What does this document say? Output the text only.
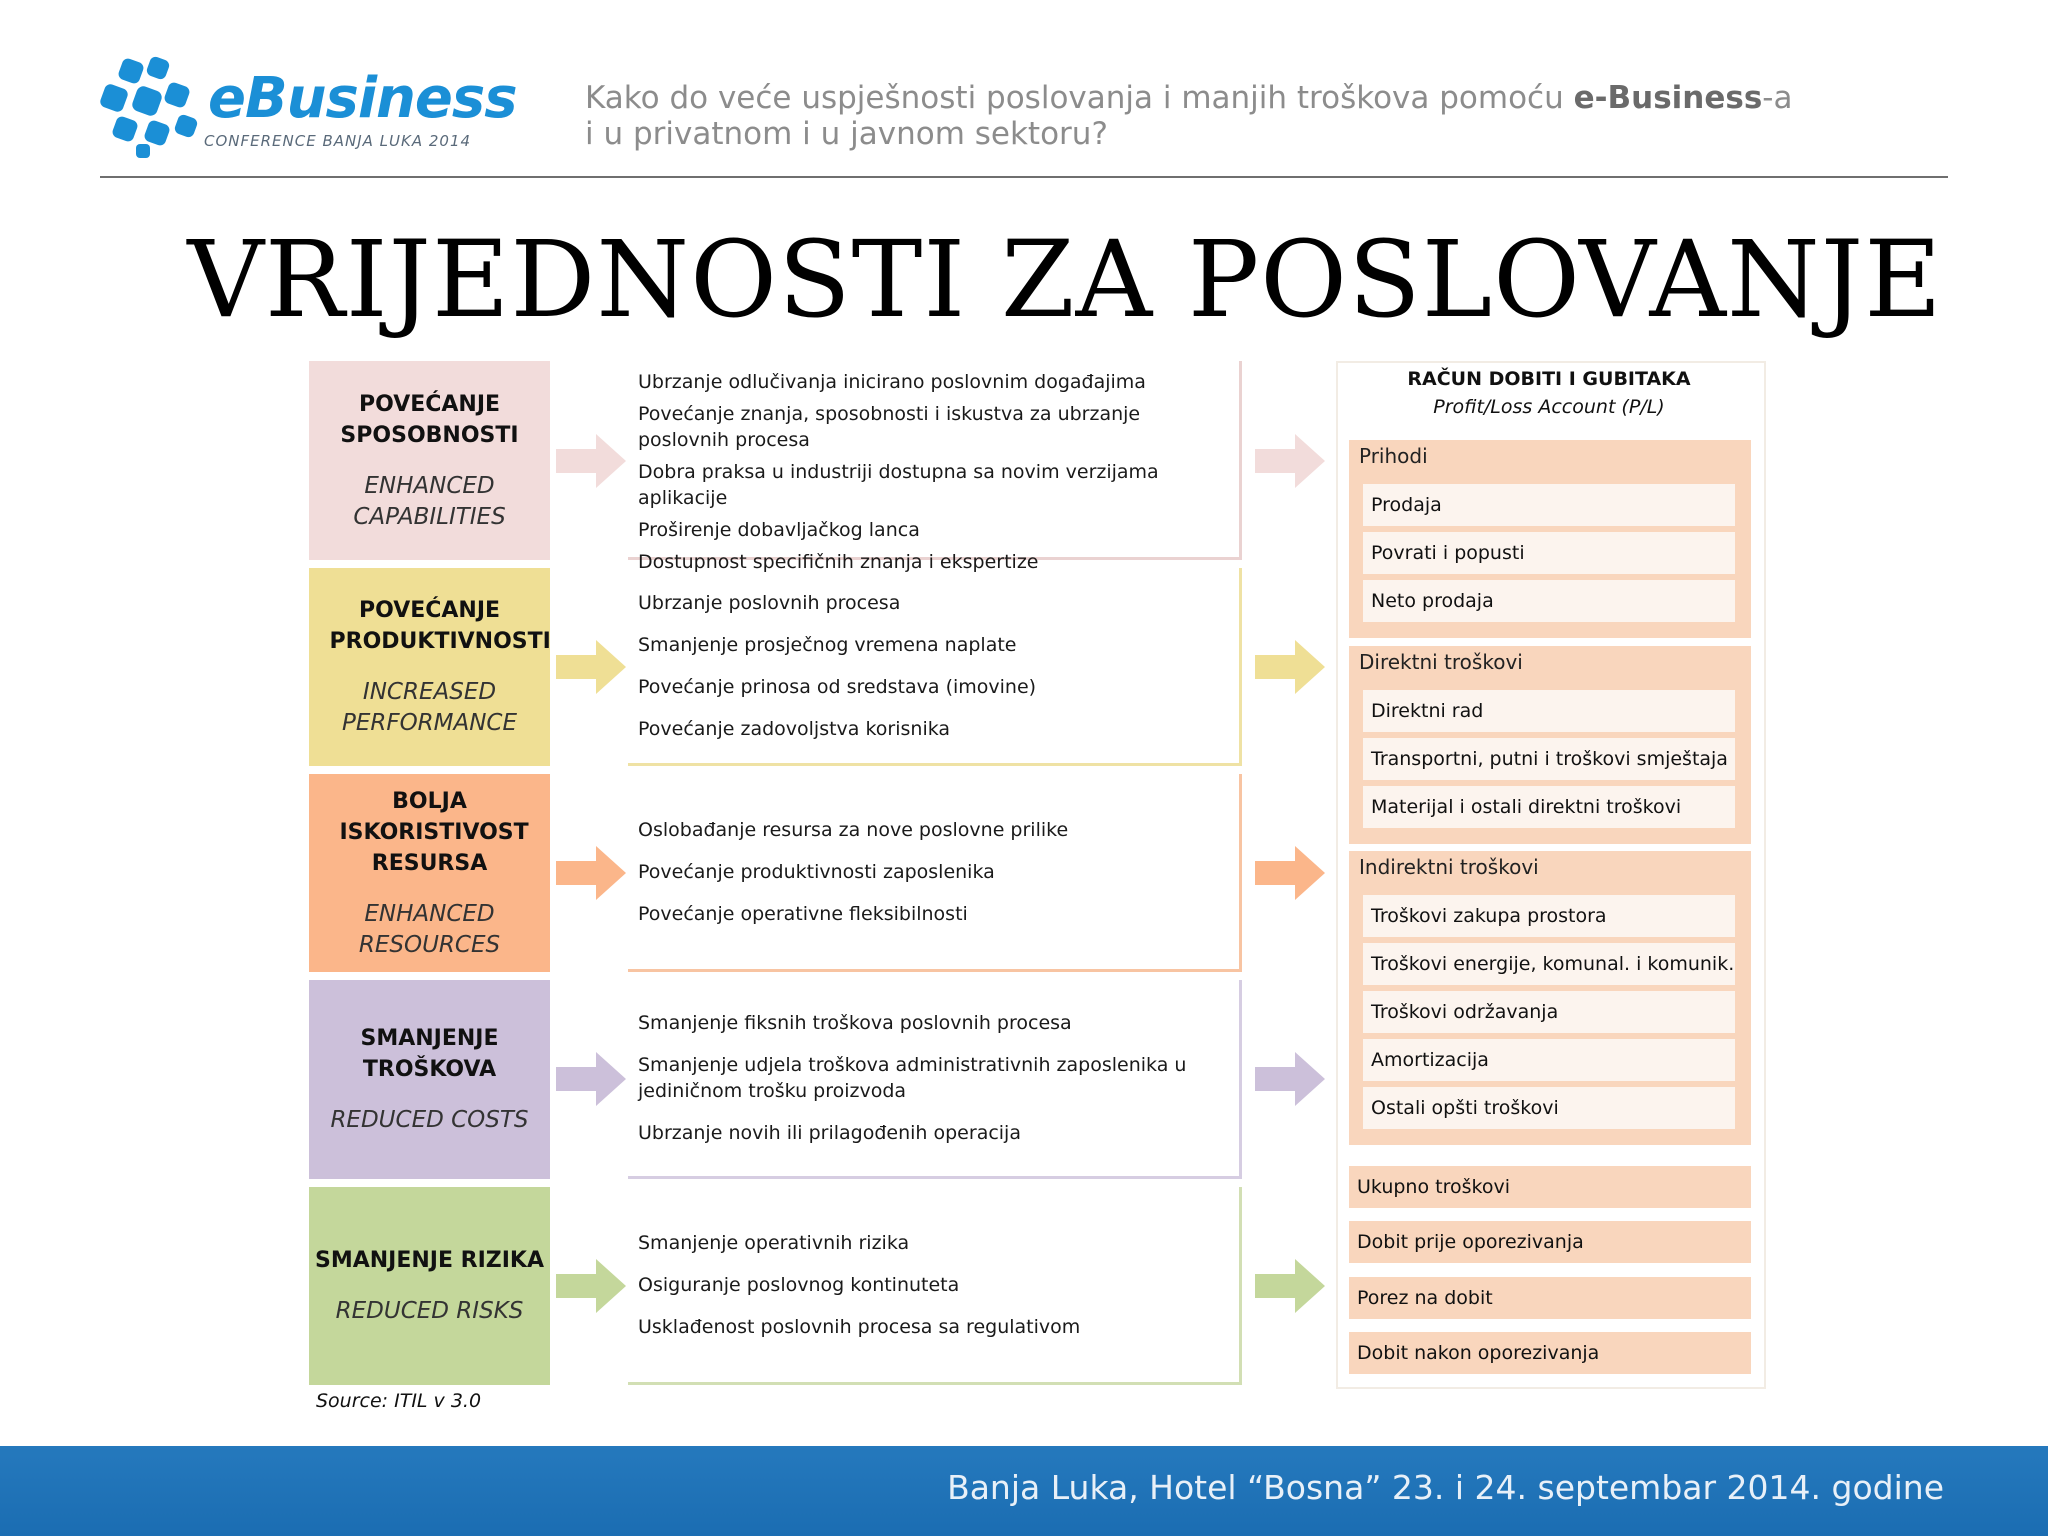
eBusiness
CONFERENCE BANJA LUKA 2014
Kako do veće uspješnosti poslovanja i manjih troškova pomoću e-Business-a
i u privatnom i u javnom sektoru?
VRIJEDNOSTI ZA POSLOVANJE
POVEĆANJE SPOSOBNOSTI
ENHANCED CAPABILITIES
POVEĆANJE PRODUKTIVNOSTI
INCREASED PERFORMANCE
BOLJA ISKORISTIVOST RESURSA
ENHANCED RESOURCES
SMANJENJE TROŠKOVA
REDUCED COSTS
SMANJENJE RIZIKA
REDUCED RISKS
Ubrzanje odlučivanja inicirano poslovnim događajima
Povećanje znanja, sposobnosti i iskustva za ubrzanje poslovnih procesa
Dobra praksa u industriji dostupna sa novim verzijama aplikacije
Proširenje dobavljačkog lanca
Dostupnost specifičnih znanja i ekspertize
Ubrzanje poslovnih procesa
Smanjenje prosječnog vremena naplate
Povećanje prinosa od sredstava (imovine)
Povećanje zadovoljstva korisnika
Oslobađanje resursa za nove poslovne prilike
Povećanje produktivnosti zaposlenika
Povećanje operativne fleksibilnosti
Smanjenje fiksnih troškova poslovnih procesa
Smanjenje udjela troškova administrativnih zaposlenika u jediničnom trošku proizvoda
Ubrzanje novih ili prilagođenih operacija
Smanjenje operativnih rizika
Osiguranje poslovnog kontinuteta
Usklađenost poslovnih procesa sa regulativom
RAČUN DOBITI I GUBITAKA
Profit/Loss Account (P/L)
Prihodi
Prodaja
Povrati i popusti
Neto prodaja
Direktni troškovi
Direktni rad
Transportni, putni i troškovi smještaja
Materijal i ostali direktni troškovi
Indirektni troškovi
Troškovi zakupa prostora
Troškovi energije, komunal. i komunik.
Troškovi održavanja
Amortizacija
Ostali opšti troškovi
Ukupno troškovi
Dobit prije oporezivanja
Porez na dobit
Dobit nakon oporezivanja
Source: ITIL v 3.0
Banja Luka, Hotel “Bosna” 23. i 24. septembar 2014. godine
